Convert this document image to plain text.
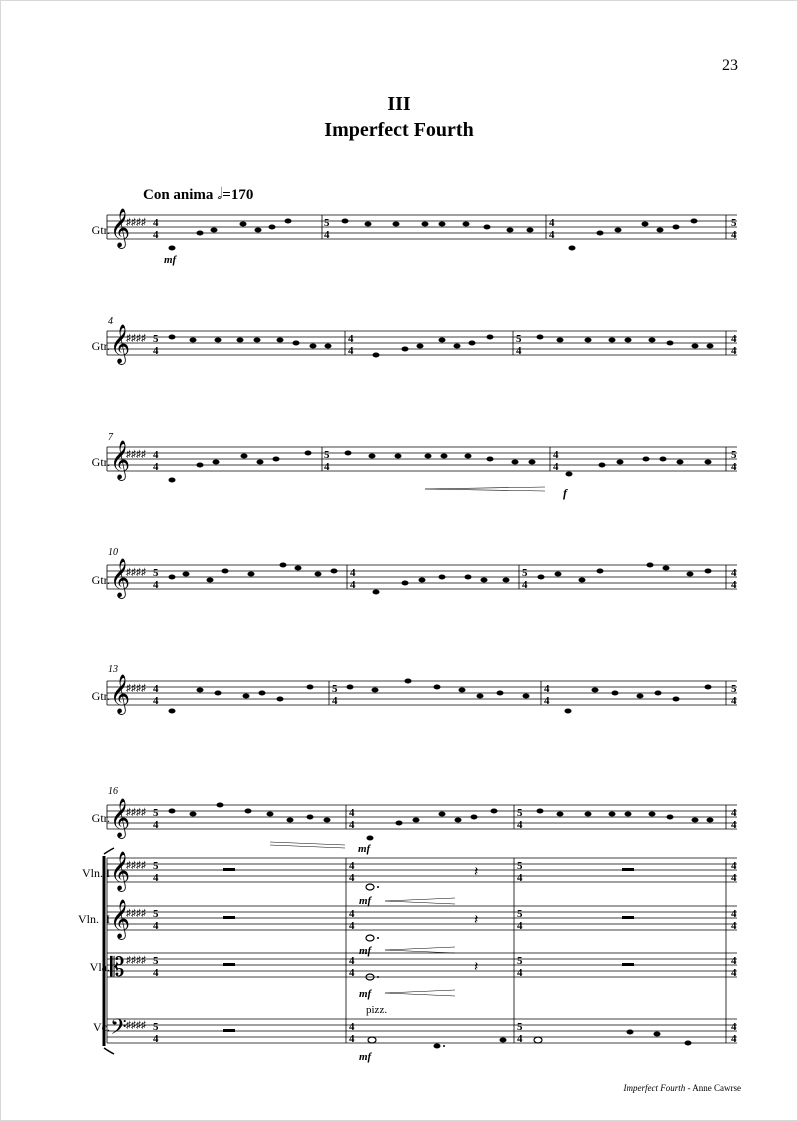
23
III
Imperfect Fourth
Con anima 𝅗𝅥=170
Gtr. 𝄞
♯♯♯♯ 4
4
5
4
5
4
4
4
mf
4
Gtr. 𝄞
♯♯♯♯ 5
4
4
4
5
4
4
4
7
Gtr. 𝄞
♯♯♯♯ 4
4
5
4
4
4
5
4
f
10
Gtr. 𝄞
♯♯♯♯ 5
4
4
4
5
4
4
4
13
Gtr. 𝄞
♯♯♯♯ 4
4
5
4
4
4
5
4
16
Gtr.
Vln. I
Vln. II
Vla.
Vc.
𝄞
♯♯♯♯ 5
4
4
4
5
4
4
4
mf
𝄞
♯♯♯♯ 5
4
4
4	𝄽
mf
5
4
4
4
𝄞
♯♯♯♯ 5
4
4
4	𝄽
mf
5
4
4
4
𝄡 ♯♯♯♯ 5
4
4
4	𝄽
mf
5
4
4
4
𝄢 ♯♯♯♯ 5
4
4
4
pizz.
5
4
4
4
mf
Imperfect Fourth - Anne Cawrse
